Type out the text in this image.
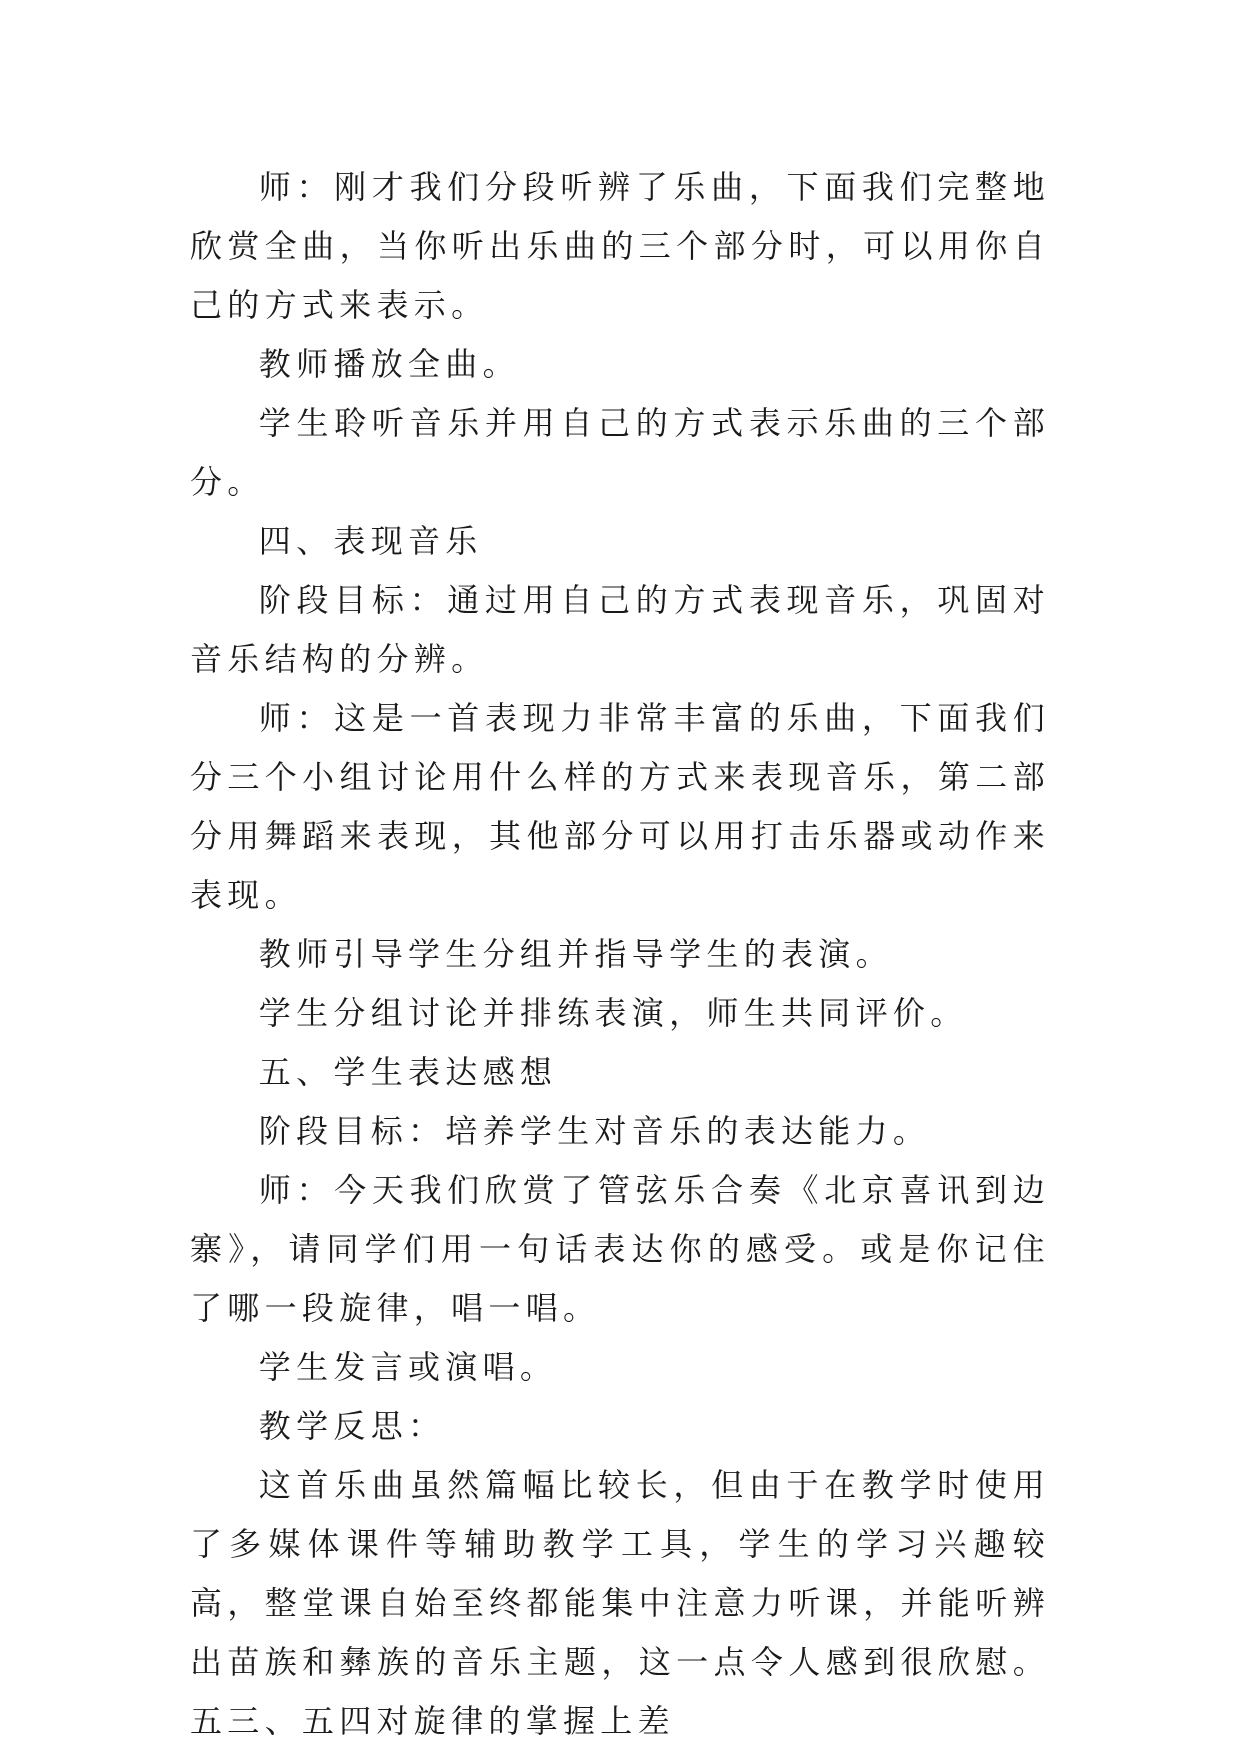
师：刚才我们分段听辨了乐曲，下面我们完整地欣赏全曲，当你听出乐曲的三个部分时，可以用你自己的方式来表示。

教师播放全曲。

学生聆听音乐并用自己的方式表示乐曲的三个部分。

四、表现音乐

阶段目标：通过用自己的方式表现音乐，巩固对音乐结构的分辨。

师：这是一首表现力非常丰富的乐曲，下面我们分三个小组讨论用什么样的方式来表现音乐，第二部分用舞蹈来表现，其他部分可以用打击乐器或动作来表现。

教师引导学生分组并指导学生的表演。

学生分组讨论并排练表演，师生共同评价。

五、学生表达感想

阶段目标：培养学生对音乐的表达能力。

师：今天我们欣赏了管弦乐合奏《北京喜讯到边寨》，请同学们用一句话表达你的感受。或是你记住了哪一段旋律，唱一唱。

学生发言或演唱。

教学反思：

这首乐曲虽然篇幅比较长，但由于在教学时使用了多媒体课件等辅助教学工具，学生的学习兴趣较高，整堂课自始至终都能集中注意力听课，并能听辨出苗族和彝族的音乐主题，这一点令人感到很欣慰。五三、五四对旋律的掌握上差
